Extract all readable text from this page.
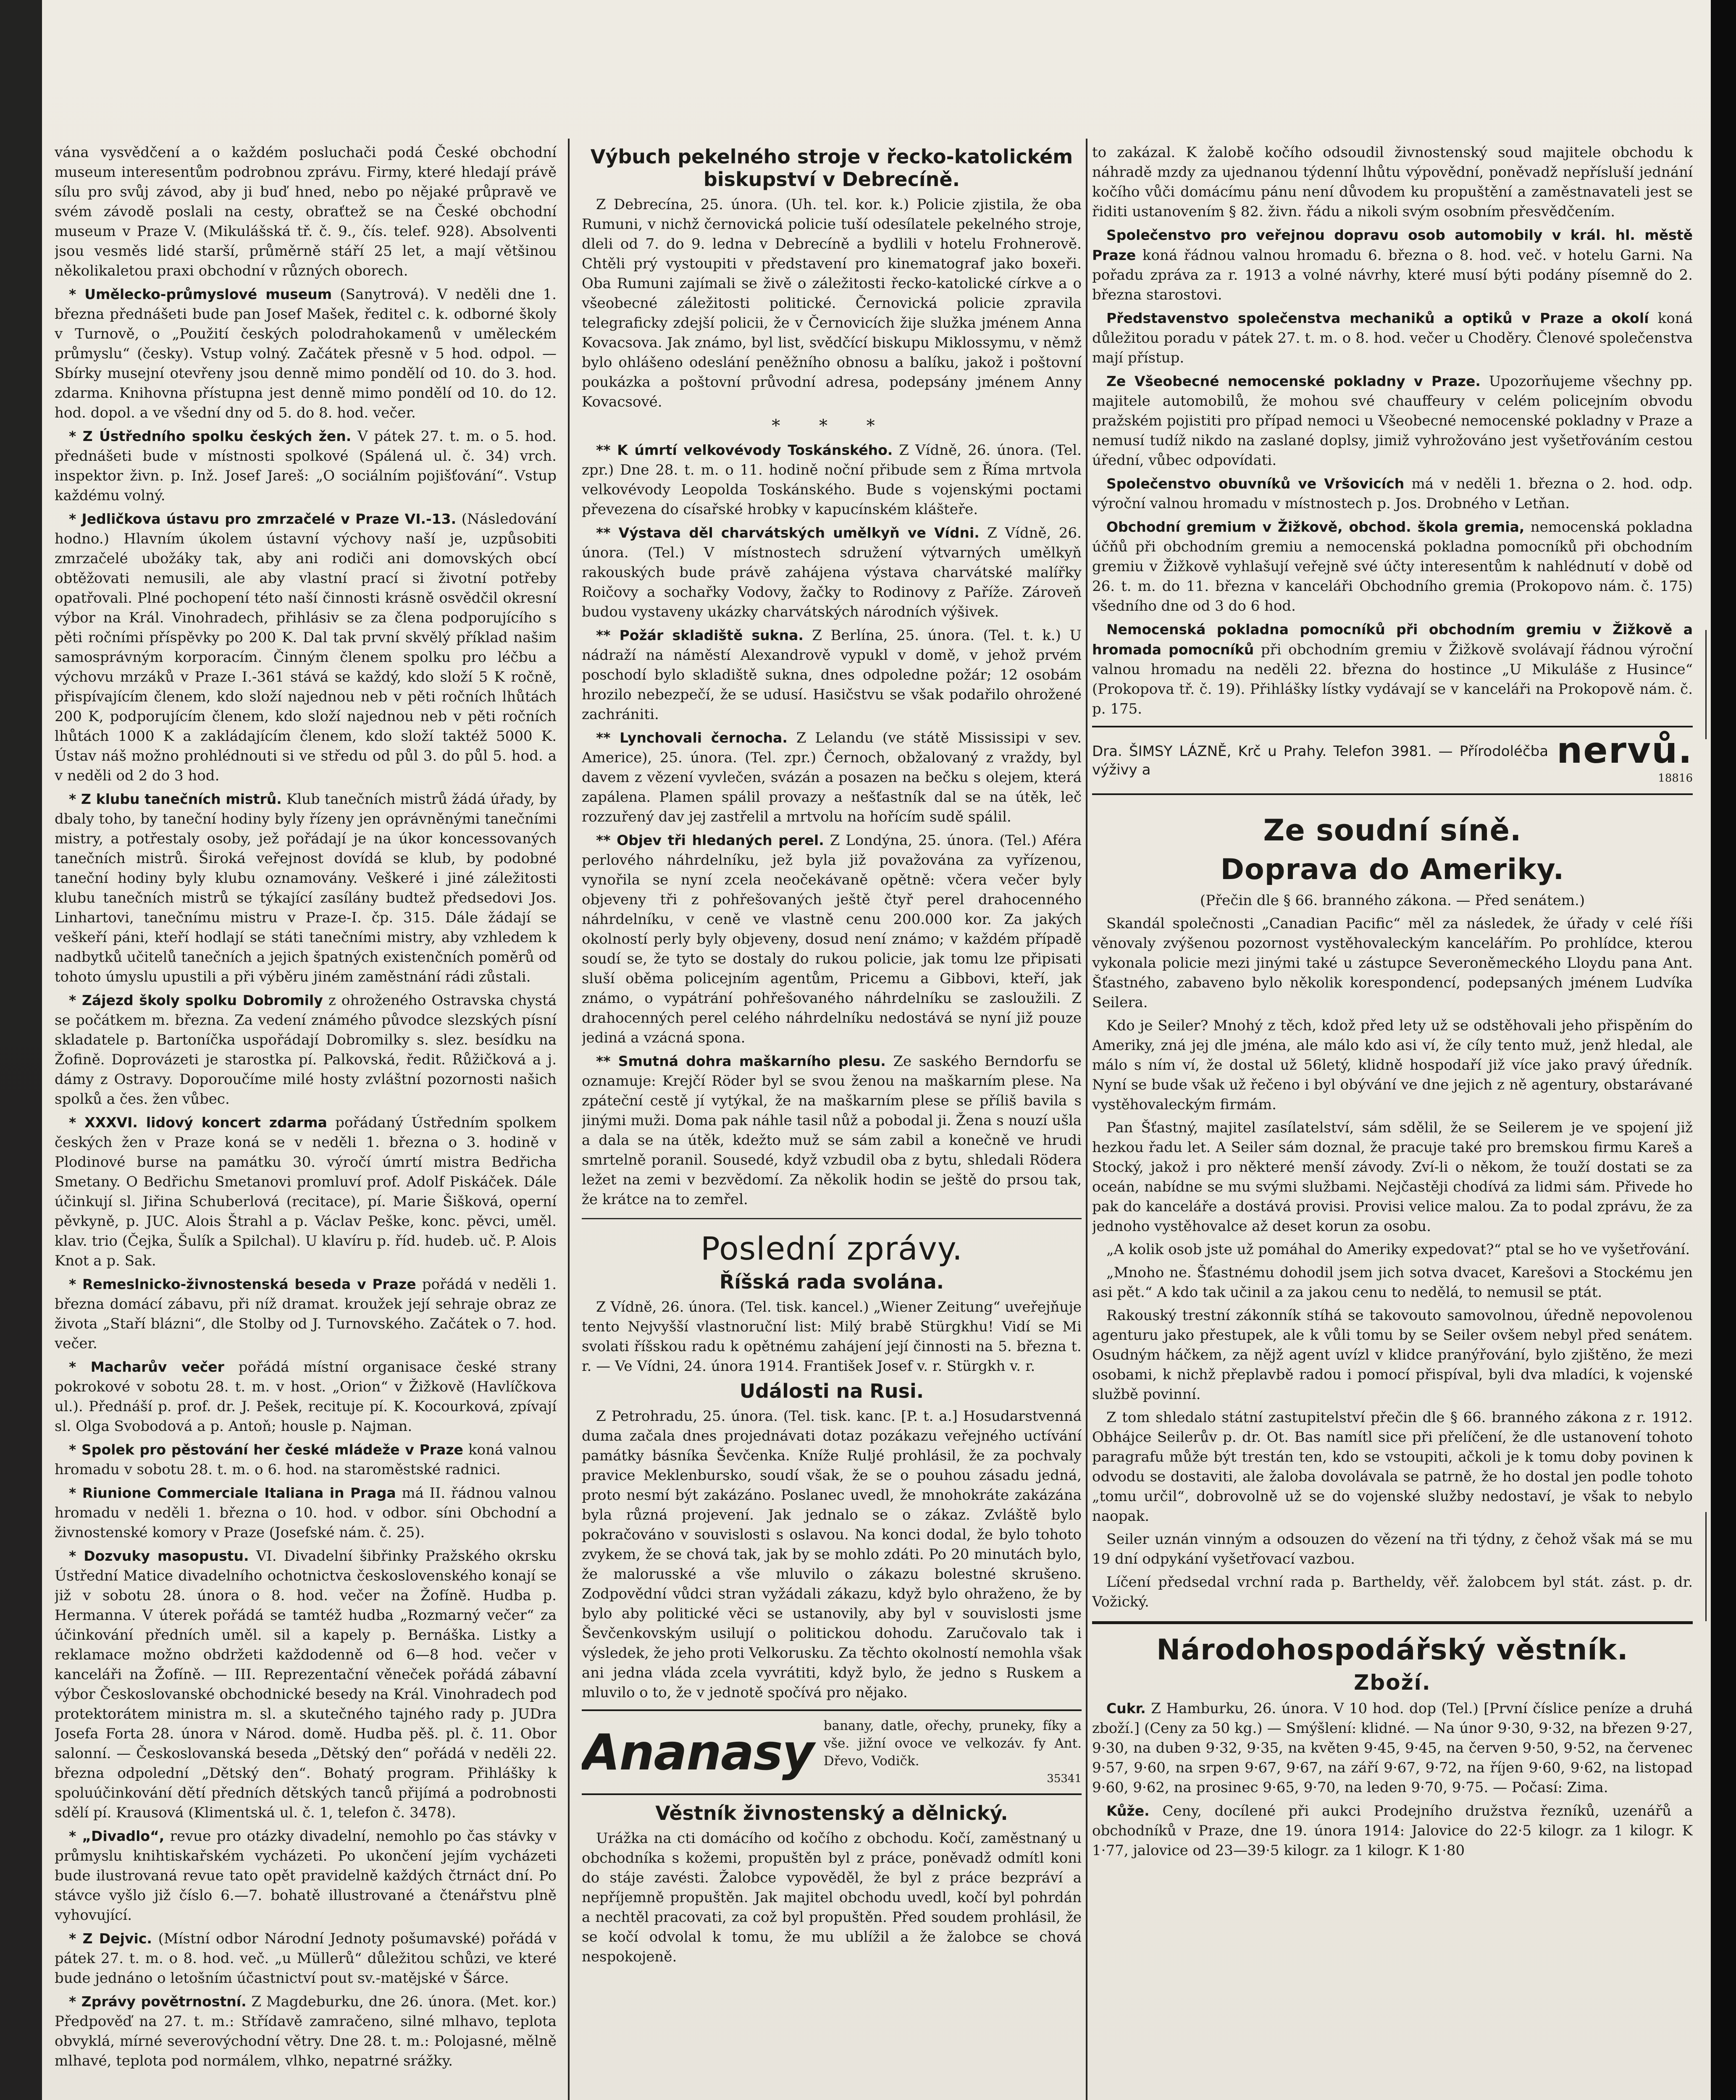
vána vysvědčení a o každém posluchači podá České obchodní museum interesentům podrobnou zprávu. Firmy, které hledají právě sílu pro svůj závod, aby ji buď hned, nebo po nějaké průpravě ve svém závodě poslali na cesty, obraťtež se na České obchodní museum v Praze V. (Mikulášská tř. č. 9., čís. telef. 928). Absolventi jsou vesměs lidé starší, průměrně stáří 25 let, a mají většinou několikaletou praxi obchodní v různých oborech.

* Umělecko-průmyslové museum (Sanytrová). V neděli dne 1. března přednášeti bude pan Josef Mašek, ředitel c. k. odborné školy v Turnově, o „Použití českých polodrahokamenů v uměleckém průmyslu“ (česky). Vstup volný. Začátek přesně v 5 hod. odpol. — Sbírky musejní otevřeny jsou denně mimo pondělí od 10. do 3. hod. zdarma. Knihovna přístupna jest denně mimo pondělí od 10. do 12. hod. dopol. a ve všední dny od 5. do 8. hod. večer.

* Z Ústředního spolku českých žen. V pátek 27. t. m. o 5. hod. přednášeti bude v místnosti spolkové (Spálená ul. č. 34) vrch. inspektor živn. p. Inž. Josef Jareš: „O sociálním pojišťování“. Vstup každému volný.

* Jedličkova ústavu pro zmrzačelé v Praze VI.-13. (Následování hodno.) Hlavním úkolem ústavní výchovy naší je, uzpůsobiti zmrzačelé ubožáky tak, aby ani rodiči ani domovských obcí obtěžovati nemusili, ale aby vlastní prací si životní potřeby opatřovali. Plné pochopení této naší činnosti krásně osvědčil okresní výbor na Král. Vinohradech, přihlásiv se za člena podporujícího s pěti ročními příspěvky po 200 K. Dal tak první skvělý příklad našim samosprávným korporacím. Činným členem spolku pro léčbu a výchovu mrzáků v Praze I.-361 stává se každý, kdo složí 5 K ročně, přispívajícím členem, kdo složí najednou neb v pěti ročních lhůtách 200 K, podporujícím členem, kdo složí najednou neb v pěti ročních lhůtách 1000 K a zakládajícím členem, kdo složí taktéž 5000 K. Ústav náš možno prohlédnouti si ve středu od půl 3. do půl 5. hod. a v neděli od 2 do 3 hod.

* Z klubu tanečních mistrů. Klub tanečních mistrů žádá úřady, by dbaly toho, by taneční hodiny byly řízeny jen oprávněnými tanečními mistry, a potřestaly osoby, jež pořádají je na úkor koncessovaných tanečních mistrů. Široká veřejnost dovídá se klub, by podobné taneční hodiny byly klubu oznamovány. Veškeré i jiné záležitosti klubu tanečních mistrů se týkající zasílány budtež předsedovi Jos. Linhartovi, tanečnímu mistru v Praze-I. čp. 315. Dále žádají se veškeří páni, kteří hodlají se státi tanečními mistry, aby vzhledem k nadbytků učitelů tanečních a jejich špatných existenčních poměrů od tohoto úmyslu upustili a při výběru jiném zaměstnání rádi zůstali.

* Zájezd školy spolku Dobromily z ohroženého Ostravska chystá se počátkem m. března. Za vedení známého původce slezských písní skladatele p. Bartoníčka uspořádají Dobromilky s. slez. besídku na Žofině. Doprovázeti je starostka pí. Palkovská, ředit. Růžičková a j. dámy z Ostravy. Doporoučíme milé hosty zvláštní pozornosti našich spolků a čes. žen vůbec.

* XXXVI. lidový koncert zdarma pořádaný Ústředním spolkem českých žen v Praze koná se v neděli 1. března o 3. hodině v Plodinové burse na památku 30. výročí úmrtí mistra Bedřicha Smetany. O Bedřichu Smetanovi promluví prof. Adolf Piskáček. Dále účinkují sl. Jiřina Schuberlová (recitace), pí. Marie Šišková, operní pěvkyně, p. JUC. Alois Štrahl a p. Václav Peške, konc. pěvci, uměl. klav. trio (Čejka, Šulík a Spilchal). U klavíru p. říd. hudeb. uč. P. Alois Knot a p. Sak.

* Remeslnicko-živnostenská beseda v Praze pořádá v neděli 1. března domácí zábavu, při níž dramat. kroužek její sehraje obraz ze života „Staří blázni“, dle Stolby od J. Turnovského. Začátek o 7. hod. večer.

* Macharův večer pořádá místní organisace české strany pokrokové v sobotu 28. t. m. v host. „Orion“ v Žižkově (Havlíčkova ul.). Přednáší p. prof. dr. J. Pešek, recituje pí. K. Kocourková, zpívají sl. Olga Svobodová a p. Antoň; housle p. Najman.

* Spolek pro pěstování her české mládeže v Praze koná valnou hromadu v sobotu 28. t. m. o 6. hod. na staroměstské radnici.

* Riunione Commerciale Italiana in Praga má II. řádnou valnou hromadu v neděli 1. března o 10. hod. v odbor. síni Obchodní a živnostenské komory v Praze (Josefské nám. č. 25).

* Dozvuky masopustu. VI. Divadelní šibřinky Pražského okrsku Ústřední Matice divadelního ochotnictva československého konají se již v sobotu 28. února o 8. hod. večer na Žofíně. Hudba p. Hermanna. V úterek pořádá se tamtéž hudba „Rozmarný večer“ za účinkování předních uměl. sil a kapely p. Bernáška. Listky a reklamace možno obdržeti každodenně od 6—8 hod. večer v kanceláři na Žofíně. — III. Reprezentační věneček pořádá zábavní výbor Českoslovanské obchodnické besedy na Král. Vinohradech pod protektorátem ministra m. sl. a skutečného tajného rady p. JUDra Josefa Forta 28. února v Národ. domě. Hudba pěš. pl. č. 11. Obor salonní. — Českoslovanská beseda „Dětský den“ pořádá v neděli 22. března odpolední „Dětský den“. Bohatý program. Přihlášky k spoluúčinkování dětí předních dětských tanců přijímá a podrobnosti sdělí pí. Krausová (Klimentská ul. č. 1, telefon č. 3478).

* „Divadlo“, revue pro otázky divadelní, nemohlo po čas stávky v průmyslu knihtiskařském vycházeti. Po ukončení jejím vycházeti bude ilustrovaná revue tato opět pravidelně každých čtrnáct dní. Po stávce vyšlo již číslo 6.—7. bohatě illustrované a čtenářstvu plně vyhovující.

* Z Dejvic. (Místní odbor Národní Jednoty pošumavské) pořádá v pátek 27. t. m. o 8. hod. več. „u Müllerů“ důležitou schůzi, ve které bude jednáno o letošním účastnictví pout sv.-matějské v Šárce.

* Zprávy povětrnostní. Z Magdeburku, dne 26. února. (Met. kor.) Předpověď na 27. t. m.: Střídavě zamračeno, silné mlhavo, teplota obvyklá, mírné severovýchodní větry. Dne 28. t. m.: Polojasné, mělně mlhavé, teplota pod normálem, vlhko, nepatrné srážky.

Výbuch pekelného stroje v řecko-katolickém biskupství v Debrecíně.

Z Debrecína, 25. února. (Uh. tel. kor. k.) Policie zjistila, že oba Rumuni, v nichž černovická policie tuší odesílatele pekelného stroje, dleli od 7. do 9. ledna v Debrecíně a bydlili v hotelu Frohnerově. Chtěli prý vystoupiti v představení pro kinematograf jako boxeři. Oba Rumuni zajímali se živě o záležitosti řecko-katolické církve a o všeobecné záležitosti politické. Černovická policie zpravila telegraficky zdejší policii, že v Černovicích žije služka jménem Anna Kovacsova. Jak známo, byl list, svědčící biskupu Miklossymu, v němž bylo ohlášeno odeslání peněžního obnosu a balíku, jakož i poštovní poukázka a poštovní průvodní adresa, podepsány jménem Anny Kovacsové.

* * *

** K úmrtí velkovévody Toskánského. Z Vídně, 26. února. (Tel. zpr.) Dne 28. t. m. o 11. hodině noční přibude sem z Říma mrtvola velkovévody Leopolda Toskánského. Bude s vojenskými poctami převezena do císařské hrobky v kapucínském klášteře.

** Výstava děl charvátských umělkyň ve Vídni. Z Vídně, 26. února. (Tel.) V místnostech sdružení výtvarných umělkyň rakouských bude právě zahájena výstava charvátské malířky Roičovy a sochařky Vodovy, žačky to Rodinovy z Paříže. Zároveň budou vystaveny ukázky charvátských národních výšivek.

** Požár skladiště sukna. Z Berlína, 25. února. (Tel. t. k.) U nádraží na náměstí Alexandrově vypukl v domě, v jehož prvém poschodí bylo skladiště sukna, dnes odpoledne požár; 12 osobám hrozilo nebezpečí, že se udusí. Hasičstvu se však podařilo ohrožené zachrániti.

** Lynchovali černocha. Z Lelandu (ve státě Mississipi v sev. Americe), 25. února. (Tel. zpr.) Černoch, obžalovaný z vraždy, byl davem z vězení vyvlečen, svázán a posazen na bečku s olejem, která zapálena. Plamen spálil provazy a nešťastník dal se na útěk, leč rozzuřený dav jej zastřelil a mrtvolu na hořícím sudě spálil.

** Objev tři hledaných perel. Z Londýna, 25. února. (Tel.) Aféra perlového náhrdelníku, jež byla již považována za vyřízenou, vynořila se nyní zcela neočekávaně opětně: včera večer byly objeveny tři z pohřešovaných ještě čtyř perel drahocenného náhrdelníku, v ceně ve vlastně cenu 200.000 kor. Za jakých okolností perly byly objeveny, dosud není známo; v každém případě soudí se, že tyto se dostaly do rukou policie, jak tomu lze připisati sluší oběma policejním agentům, Pricemu a Gibbovi, kteří, jak známo, o vypátrání pohřešovaného náhrdelníku se zasloužili. Z drahocenných perel celého náhrdelníku nedostává se nyní již pouze jediná a vzácná spona.

** Smutná dohra maškarního plesu. Ze saského Berndorfu se oznamuje: Krejčí Röder byl se svou ženou na maškarním plese. Na zpáteční cestě jí vytýkal, že na maškarním plese se příliš bavila s jinými muži. Doma pak náhle tasil nůž a pobodal ji. Žena s nouzí ušla a dala se na útěk, kdežto muž se sám zabil a konečně ve hrudi smrtelně poranil. Sousedé, když vzbudil oba z bytu, shledali Rödera ležet na zemi v bezvědomí. Za několik hodin se ještě do prsou tak, že krátce na to zemřel.

Poslední zprávy.
Říšská rada svolána.

Z Vídně, 26. února. (Tel. tisk. kancel.) „Wiener Zeitung“ uveřejňuje tento Nejvyšší vlastnoruční list: Milý brabě Stürgkhu! Vidí se Mi svolati říšskou radu k opětnému zahájení její činnosti na 5. března t. r. — Ve Vídni, 24. února 1914. František Josef v. r. Stürgkh v. r.

Události na Rusi.

Z Petrohradu, 25. února. (Tel. tisk. kanc. [P. t. a.] Hosudarstvenná duma začala dnes projednávati dotaz pozákazu veřejného uctívání památky básníka Ševčenka. Kníže Ruljé prohlásil, že za pochvaly pravice Meklenbursko, soudí však, že se o pouhou zásadu jedná, proto nesmí být zakázáno. Poslanec uvedl, že mnohokráte zakázána byla různá projevení. Jak jednalo se o zákaz. Zvláště bylo pokračováno v souvislosti s oslavou. Na konci dodal, že bylo tohoto zvykem, že se chová tak, jak by se mohlo zdáti. Po 20 minutách bylo, že malorusské a vše mluvilo o zákazu bolestné skrušeno. Zodpovědní vůdci stran vyžádali zákazu, když bylo ohraženo, že by bylo aby politické věci se ustanovily, aby byl v souvislosti jsme Ševčenkovským usilují o politickou dohodu. Zaručovalo tak i výsledek, že jeho proti Velkorusku. Za těchto okolností nemohla však ani jedna vláda zcela vyvrátiti, když bylo, že jedno s Ruskem a mluvilo o to, že v jednotě spočívá pro nějako.

Ananasy banany, datle, ořechy, pruneky, fíky a vše. jižní ovoce ve velkozáv. fy Ant. Dřevo, Vodičk.
35341
Věstník živnostenský a dělnický.

Urážka na cti domácího od kočího z obchodu. Kočí, zaměstnaný u obchodníka s kožemi, propuštěn byl z práce, poněvadž odmítl koni do stáje zavésti. Žalobce vypověděl, že byl z práce bezpráví a nepříjemně propuštěn. Jak majitel obchodu uvedl, kočí byl pohrdán a nechtěl pracovati, za což byl propuštěn. Před soudem prohlásil, že se kočí odvolal k tomu, že mu ublížil a že žalobce se chová nespokojeně.

to zakázal. K žalobě kočího odsoudil živnostenský soud majitele obchodu k náhradě mzdy za ujednanou týdenní lhůtu výpovědní, poněvadž nepřísluší jednání kočího vůči domácímu pánu není důvodem ku propuštění a zaměstnavateli jest se řiditi ustanovením § 82. živn. řádu a nikoli svým osobním přesvědčením.

Společenstvo pro veřejnou dopravu osob automobily v král. hl. městě Praze koná řádnou valnou hromadu 6. března o 8. hod. več. v hotelu Garni. Na pořadu zpráva za r. 1913 a volné návrhy, které musí býti podány písemně do 2. března starostovi.

Představenstvo společenstva mechaniků a optiků v Praze a okolí koná důležitou poradu v pátek 27. t. m. o 8. hod. večer u Choděry. Členové společenstva mají přístup.

Ze Všeobecné nemocenské pokladny v Praze. Upozorňujeme všechny pp. majitele automobilů, že mohou své chauffeury v celém policejním obvodu pražském pojistiti pro případ nemoci u Všeobecné nemocenské pokladny v Praze a nemusí tudíž nikdo na zaslané doplsy, jimiž vyhrožováno jest vyšetřováním cestou úřední, vůbec odpovídati.

Společenstvo obuvníků ve Vršovicích má v neděli 1. března o 2. hod. odp. výroční valnou hromadu v místnostech p. Jos. Drobného v Letňan.

Obchodní gremium v Žižkově, obchod. škola gremia, nemocenská pokladna účňů při obchodním gremiu a nemocenská pokladna pomocníků při obchodním gremiu v Žižkově vyhlašují veřejně své účty interesentům k nahlédnutí v době od 26. t. m. do 11. března v kanceláři Obchodního gremia (Prokopovo nám. č. 175) všedního dne od 3 do 6 hod.

Nemocenská pokladna pomocníků při obchodním gremiu v Žižkově a hromada pomocníků při obchodním gremiu v Žižkově svolávají řádnou výroční valnou hromadu na neděli 22. března do hostince „U Mikuláše z Husince“ (Prokopova tř. č. 19). Přihlášky lístky vydávají se v kanceláři na Prokopově nám. č. p. 175.

Dra. ŠIMSY LÁZNĚ, Krč u Prahy. Telefon 3981. — Přírodoléčba výživy a	nervů.
18816
Ze soudní síně.
Doprava do Ameriky.

(Přečin dle § 66. branného zákona. — Před senátem.)

Skandál společnosti „Canadian Pacific“ měl za následek, že úřady v celé říši věnovaly zvýšenou pozornost vystěhovaleckým kancelářím. Po prohlídce, kterou vykonala policie mezi jinými také u zástupce Severoněmeckého Lloydu pana Ant. Šťastného, zabaveno bylo několik korespondencí, podepsaných jménem Ludvíka Seilera.

Kdo je Seiler? Mnohý z těch, kdož před lety už se odstěhovali jeho přispěním do Ameriky, zná jej dle jména, ale málo kdo asi ví, že cíly tento muž, jenž hledal, ale málo s ním ví, že dostal už 56letý, klidně hospodaří již více jako pravý úředník. Nyní se bude však už řečeno i byl obývání ve dne jejich z ně agentury, obstarávané vystěhovaleckým firmám.

Pan Šťastný, majitel zasílatelství, sám sdělil, že se Seilerem je ve spojení již hezkou řadu let. A Seiler sám doznal, že pracuje také pro bremskou firmu Kareš a Stocký, jakož i pro některé menší závody. Zví-li o někom, že touží dostati se za oceán, nabídne se mu svými službami. Nejčastěji chodívá za lidmi sám. Přivede ho pak do kanceláře a dostává provisi. Provisi velice malou. Za to podal zprávu, že za jednoho vystěhovalce až deset korun za osobu.

„A kolik osob jste už pomáhal do Ameriky expedovat?“ ptal se ho ve vyšetřování.

„Mnoho ne. Šťastnému dohodil jsem jich sotva dvacet, Karešovi a Stockému jen asi pět.“ A kdo tak učinil a za jakou cenu to nedělá, to nemusil se ptát.

Rakouský trestní zákonník stíhá se takovouto samovolnou, úředně nepovolenou agenturu jako přestupek, ale k vůli tomu by se Seiler ovšem nebyl před senátem. Osudným háčkem, za nějž agent uvízl v klidce pranýřování, bylo zjištěno, že mezi osobami, k nichž přeplavbě radou i pomocí přispíval, byli dva mladíci, k vojenské službě povinní.

Z tom shledalo státní zastupitelství přečin dle § 66. branného zákona z r. 1912. Obhájce Seilerův p. dr. Ot. Bas namítl sice při přelíčení, že dle ustanovení tohoto paragrafu může být trestán ten, kdo se vstoupiti, ačkoli je k tomu doby povinen k odvodu se dostaviti, ale žaloba dovolávala se patrně, že ho dostal jen podle tohoto „tomu určil“, dobrovolně už se do vojenské služby nedostaví, je však to nebylo naopak.

Seiler uznán vinným a odsouzen do vězení na tři týdny, z čehož však má se mu 19 dní odpykání vyšetřovací vazbou.

Líčení předsedal vrchní rada p. Bartheldy, věř. žalobcem byl stát. zást. p. dr. Vožický.

Národohospodářský věstník.
Zboží.

Cukr. Z Hamburku, 26. února. V 10 hod. dop (Tel.) [První číslice peníze a druhá zboží.] (Ceny za 50 kg.) — Smýšlení: klidné. — Na únor 9·30, 9·32, na březen 9·27, 9·30, na duben 9·32, 9·35, na květen 9·45, 9·45, na červen 9·50, 9·52, na červenec 9·57, 9·60, na srpen 9·67, 9·67, na září 9·67, 9·72, na říjen 9·60, 9·62, na listopad 9·60, 9·62, na prosinec 9·65, 9·70, na leden 9·70, 9·75. — Počasí: Zima.

Kůže. Ceny, docílené při aukci Prodejního družstva řezníků, uzenářů a obchodníků v Praze, dne 19. února 1914: Jalovice do 22·5 kilogr. za 1 kilogr. K 1·77, jalovice od 23—39·5 kilogr. za 1 kilogr. K 1·80
